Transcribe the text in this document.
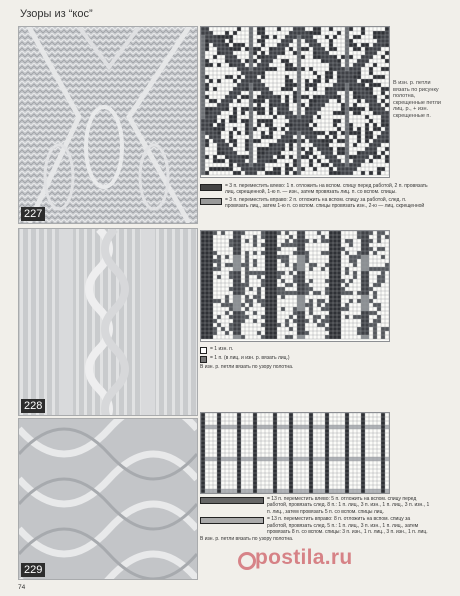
Узоры из “кос”
227
В изн. р. петли вязать по рисунку полотна, скрещенные петли лиц. р., + изн. скрещенные п.
= 3 п. переместить влево: 1 п. отложить на вспом. спицу перед работой, 2 п. провязать лиц. скрещенной, 1-ю п. — изн., затем провязать лиц. п. со вспом. спицы.
= 3 п. переместить вправо: 2 п. отложить на вспом. спицу за работой, след. п. провязать лиц., затем 1-ю п. со вспом. спицы провязать изн., 2-ю — лиц. скрещенной
228
= 1 изн. п.
= 1 п. (в лиц. и изн. р. вязать лиц.)
В изн. р. петли вязать по узору полотна.
229
= 13 п. переместить влево: 5 п. отложить на вспом. спицу перед работой, провязать след. 8 п.: 1 п. лиц., 3 п. изн., 1 п. лиц., 3 п. изн., 1 п. лиц., затем провязать 5 п. со вспом. спицы лиц.
= 13 п. переместить вправо: 8 п. отложить на вспом. спицу за работой, провязать след. 5 п.: 1 п. лиц., 3 п. изн., 1 п. лиц., затем провязать 8 п. со вспом. спицы: 3 п. изн., 1 п. лиц., 3 п. изн., 1 п. лиц.
В изн. р. петли вязать по узору полотна.
postila.ru
74
